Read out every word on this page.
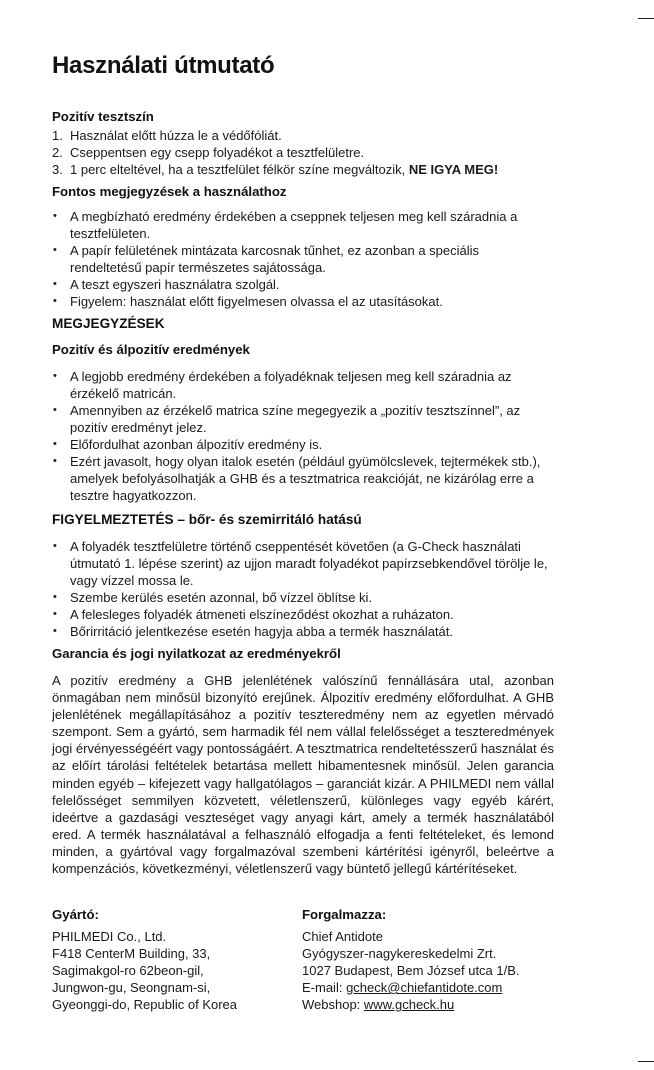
Használati útmutató
Pozitív tesztszín
1. Használat előtt húzza le a védőfóliát.
2. Cseppentsen egy csepp folyadékot a tesztfelületre.
3. 1 perc elteltével, ha a tesztfelület félkör színe megváltozik, NE IGYA MEG!
Fontos megjegyzések a használathoz
• A megbízható eredmény érdekében a cseppnek teljesen meg kell száradnia a tesztfelületen.
• A papír felületének mintázata karcosnak tűnhet, ez azonban a speciális rendeltetésű papír természetes sajátossága.
• A teszt egyszeri használatra szolgál.
• Figyelem: használat előtt figyelmesen olvassa el az utasításokat.
MEGJEGYZÉSEK
Pozitív és álpozitív eredmények
• A legjobb eredmény érdekében a folyadéknak teljesen meg kell száradnia az érzékelő matricán.
• Amennyiben az érzékelő matrica színe megegyezik a „pozitív tesztszínnel”, az pozitív eredményt jelez.
• Előfordulhat azonban álpozitív eredmény is.
• Ezért javasolt, hogy olyan italok esetén (például gyümölcslevek, tejtermékek stb.), amelyek befolyásolhatják a GHB és a tesztmatrica reakcióját, ne kizárólag erre a tesztre hagyatkozzon.
FIGYELMEZTETÉS – bőr- és szemirritáló hatású
• A folyadék tesztfelületre történő cseppentését követően (a G-Check használati útmutató 1. lépése szerint) az ujjon maradt folyadékot papírzsebkendővel törölje le, vagy vízzel mossa le.
• Szembe kerülés esetén azonnal, bő vízzel öblítse ki.
• A felesleges folyadék átmeneti elszíneződést okozhat a ruházaton.
• Bőrirritáció jelentkezése esetén hagyja abba a termék használatát.
Garancia és jogi nyilatkozat az eredményekről

A pozitív eredmény a GHB jelenlétének valószínű fennállására utal, azonban önmagában nem minősül bizonyító erejűnek. Álpozitív eredmény előfordulhat. A GHB jelenlétének megállapításához a pozitív teszteredmény nem az egyetlen mérvadó szempont. Sem a gyártó, sem harmadik fél nem vállal felelősséget a teszteredmények jogi érvényességéért vagy pontosságáért. A tesztmatrica rendeltetésszerű használat és az előírt tárolási feltételek betartása mellett hibamentesnek minősül. Jelen garancia minden egyéb – kifejezett vagy hallgatólagos – garanciát kizár. A PHILMEDI nem vállal felelősséget semmilyen közvetett, véletlenszerű, különleges vagy egyéb kárért, ideértve a gazdasági veszteséget vagy anyagi kárt, amely a termék használatából ered. A termék használatával a felhasználó elfogadja a fenti feltételeket, és lemond minden, a gyártóval vagy forgalmazóval szembeni kártérítési igényről, beleértve a kompenzációs, következményi, véletlenszerű vagy büntető jellegű kártérítéseket.

Gyártó:
PHILMEDI Co., Ltd.
F418 CenterM Building, 33,
Sagimakgol-ro 62beon-gil,
Jungwon-gu, Seongnam-si,
Gyeonggi-do, Republic of Korea
Forgalmazza:
Chief Antidote
Gyógyszer-nagykereskedelmi Zrt.
1027 Budapest, Bem József utca 1/B.
E-mail: gcheck@chiefantidote.com
Webshop: www.gcheck.hu
